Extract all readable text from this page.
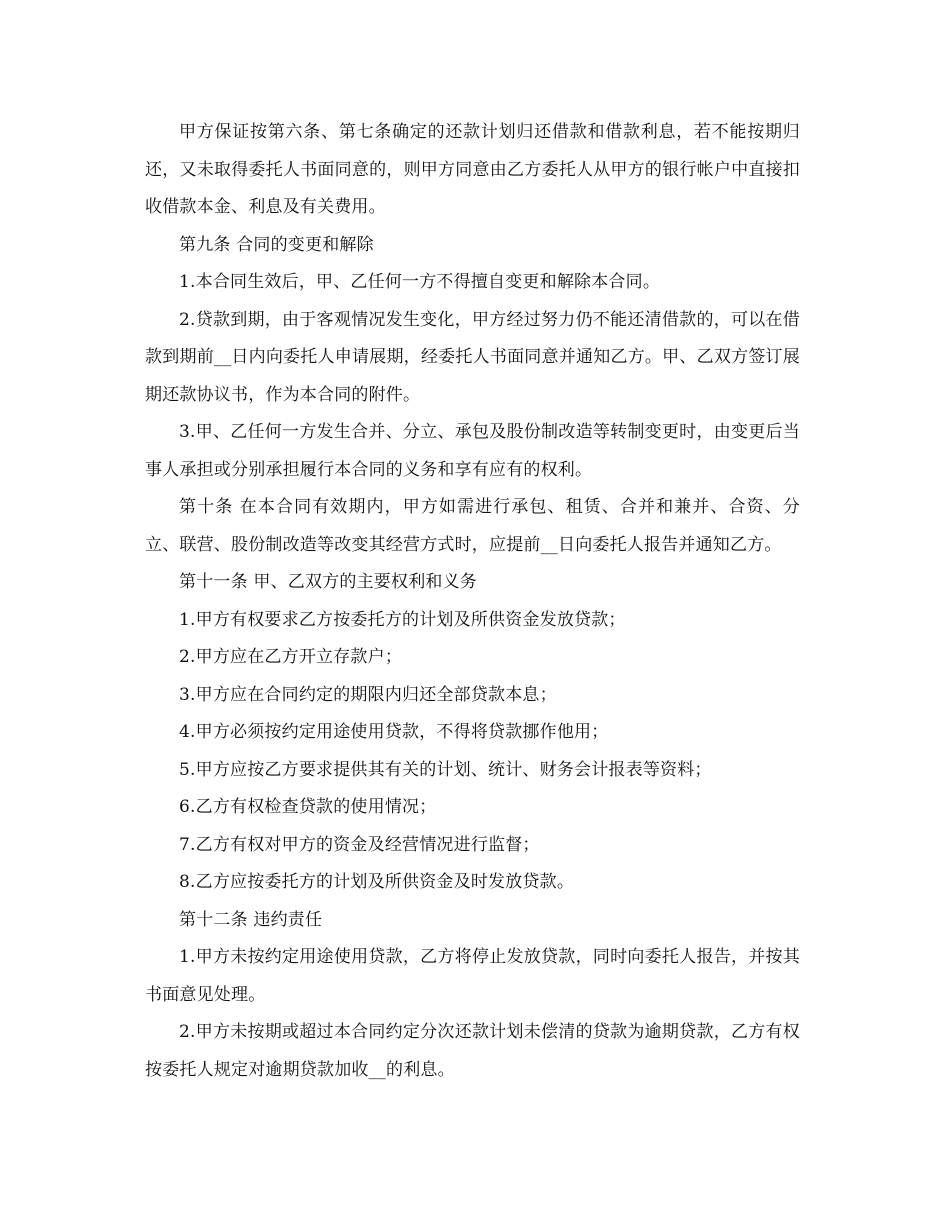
甲方保证按第六条、第七条确定的还款计划归还借款和借款利息，若不能按期归还，又未取得委托人书面同意的，则甲方同意由乙方委托人从甲方的银行帐户中直接扣收借款本金、利息及有关费用。

第九条 合同的变更和解除

1.本合同生效后，甲、乙任何一方不得擅自变更和解除本合同。

2.贷款到期，由于客观情况发生变化，甲方经过努力仍不能还清借款的，可以在借款到期前__日内向委托人申请展期，经委托人书面同意并通知乙方。甲、乙双方签订展期还款协议书，作为本合同的附件。

3.甲、乙任何一方发生合并、分立、承包及股份制改造等转制变更时，由变更后当事人承担或分别承担履行本合同的义务和享有应有的权利。

第十条 在本合同有效期内，甲方如需进行承包、租赁、合并和兼并、合资、分立、联营、股份制改造等改变其经营方式时，应提前__日向委托人报告并通知乙方。

第十一条 甲、乙双方的主要权利和义务

1.甲方有权要求乙方按委托方的计划及所供资金发放贷款；

2.甲方应在乙方开立存款户；

3.甲方应在合同约定的期限内归还全部贷款本息；

4.甲方必须按约定用途使用贷款，不得将贷款挪作他用；

5.甲方应按乙方要求提供其有关的计划、统计、财务会计报表等资料；

6.乙方有权检查贷款的使用情况；

7.乙方有权对甲方的资金及经营情况进行监督；

8.乙方应按委托方的计划及所供资金及时发放贷款。

第十二条 违约责任

1.甲方未按约定用途使用贷款，乙方将停止发放贷款，同时向委托人报告，并按其书面意见处理。

2.甲方未按期或超过本合同约定分次还款计划未偿清的贷款为逾期贷款，乙方有权按委托人规定对逾期贷款加收__的利息。
